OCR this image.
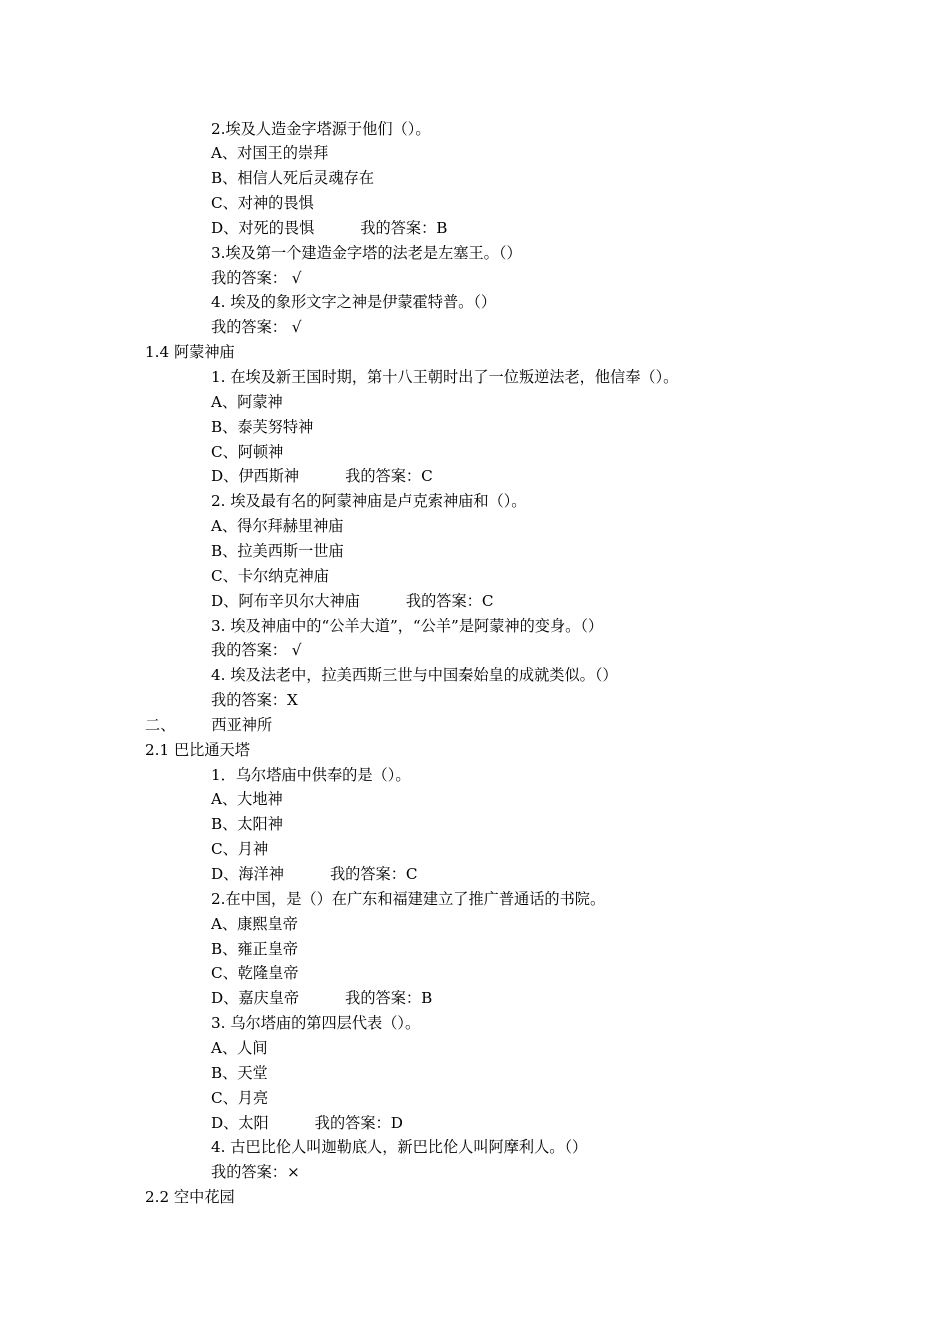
2.埃及人造金字塔源于他们（）。
A、对国王的崇拜
B、相信人死后灵魂存在
C、对神的畏惧
D、对死的畏惧	我的答案：B
3.埃及第一个建造金字塔的法老是左塞王。（）
我的答案： √
4. 埃及的象形文字之神是伊蒙霍特普。（）
我的答案： √
1.4 阿蒙神庙
1. 在埃及新王国时期，第十八王朝时出了一位叛逆法老，他信奉（）。
A、阿蒙神
B、泰芙努特神
C、阿顿神
D、伊西斯神	我的答案：C
2. 埃及最有名的阿蒙神庙是卢克索神庙和（）。
A、得尔拜赫里神庙
B、拉美西斯一世庙
C、卡尔纳克神庙
D、阿布辛贝尔大神庙	我的答案：C
3. 埃及神庙中的“公羊大道”，“公羊”是阿蒙神的变身。（）
我的答案： √
4. 埃及法老中，拉美西斯三世与中国秦始皇的成就类似。（）
我的答案：X
二、 西亚神所
2.1 巴比通天塔
1．乌尔塔庙中供奉的是（）。
A、大地神
B、太阳神
C、月神
D、海洋神	我的答案：C
2.在中国，是（）在广东和福建建立了推广普通话的书院。
A、康熙皇帝
B、雍正皇帝
C、乾隆皇帝
D、嘉庆皇帝	我的答案：B
3. 乌尔塔庙的第四层代表（）。
A、人间
B、天堂
C、月亮
D、太阳	我的答案：D
4. 古巴比伦人叫迦勒底人，新巴比伦人叫阿摩利人。（）
我的答案：×
2.2 空中花园
